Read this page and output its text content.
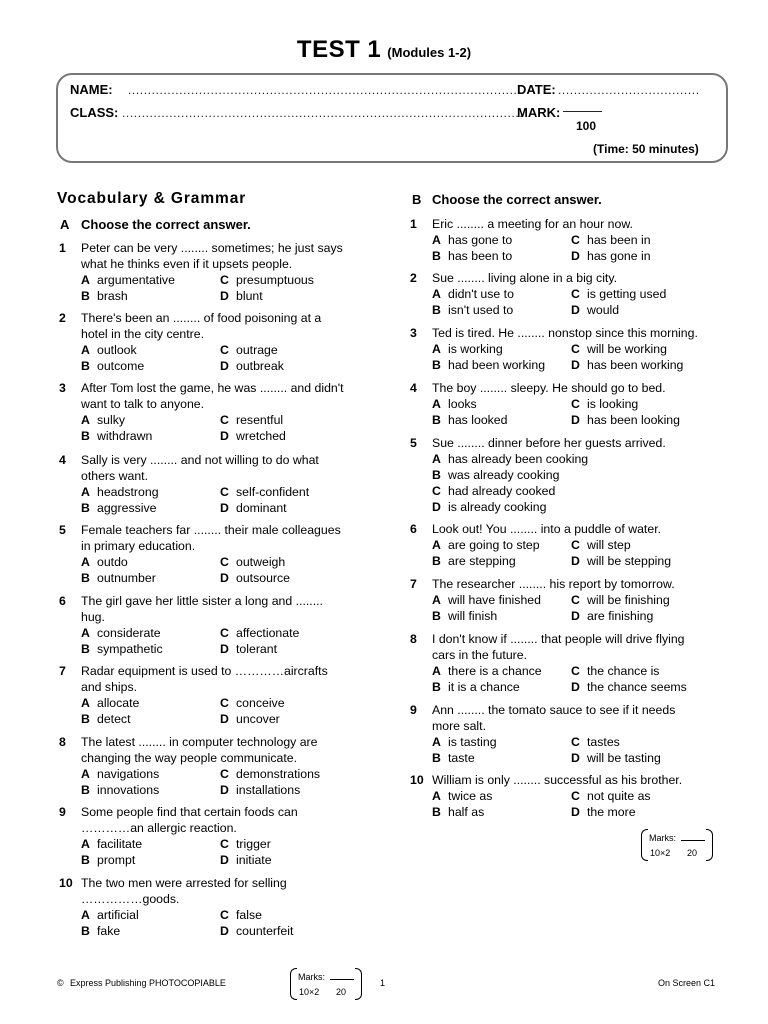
TEST 1 (Modules 1-2)
NAME: ....................................................................................................
CLASS: ......................................................................................................
DATE: ....................................
MARK: ———
100
(Time: 50 minutes)
Vocabulary & Grammar
A Choose the correct answer.
1 Peter can be very ........ sometimes; he just says
what he thinks even if it upsets people.
A argumentative	C presumptuous
B brash	D blunt
2 There's been an ........ of food poisoning at a
hotel in the city centre.
A outlook	C outrage
B outcome	D outbreak
3 After Tom lost the game, he was ........ and didn't
want to talk to anyone.
A sulky	C resentful
B withdrawn	D wretched
4 Sally is very ........ and not willing to do what
others want.
A headstrong	C self-confident
B aggressive	D dominant
5 Female teachers far ........ their male colleagues
in primary education.
A outdo	C outweigh
B outnumber	D outsource
6 The girl gave her little sister a long and ........
hug.
A considerate	C affectionate
B sympathetic	D tolerant
7 Radar equipment is used to …………aircrafts
and ships.
A allocate	C conceive
B detect	D uncover
8 The latest ........ in computer technology are
changing the way people communicate.
A navigations	C demonstrations
B innovations	D installations
9 Some people find that certain foods can
…………an allergic reaction.
A facilitate	C trigger
B prompt	D initiate
10 The two men were arrested for selling
……………goods.
A artificial	C false
B fake	D counterfeit
B Choose the correct answer.
1 Eric ........ a meeting for an hour now.
A has gone to	C has been in
B has been to	D has gone in
2 Sue ........ living alone in a big city.
A didn't use to	C is getting used
B isn't used to	D would
3 Ted is tired. He ........ nonstop since this morning.
A is working	C will be working
B had been working D has been working
4 The boy ........ sleepy. He should go to bed.
A looks	C is looking
B has looked	D has been looking
5 Sue ........ dinner before her guests arrived.
A has already been cooking
B was already cooking
C had already cooked
D is already cooking
6 Look out! You ........ into a puddle of water.
A are going to step	C will step
B are stepping	D will be stepping
7 The researcher ........ his report by tomorrow.
A will have finished C will be finishing
B will finish	D are finishing
8 I don't know if ........ that people will drive flying
cars in the future.
A there is a chance C the chance is
B it is a chance	D the chance seems
9 Ann ........ the tomato sauce to see if it needs
more salt.
A is tasting	C tastes
B taste	D will be tasting
10 William is only ........ successful as his brother.
A twice as	C not quite as
B half as	D the more
Marks:
10×2 20
© Express Publishing PHOTOCOPIABLE
Marks:
10×2 20
1	On Screen C1
